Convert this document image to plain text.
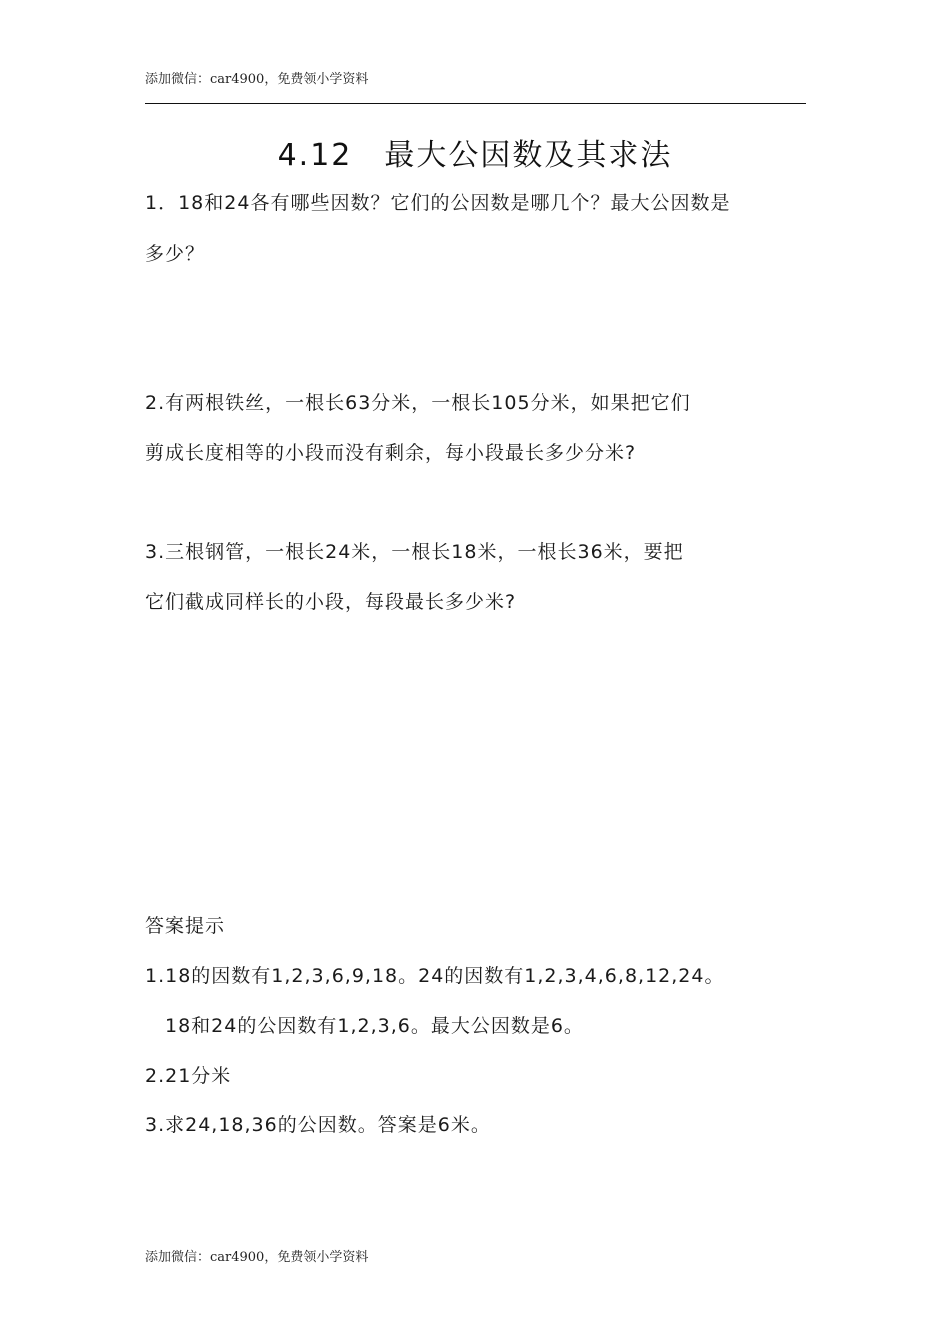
添加微信：car4900，免费领小学资料
4.12　最大公因数及其求法
1．18和24各有哪些因数？它们的公因数是哪几个？最大公因数是
多少？
2.有两根铁丝，一根长63分米，一根长105分米，如果把它们
剪成长度相等的小段而没有剩余，每小段最长多少分米?
3.三根钢管，一根长24米，一根长18米，一根长36米，要把
它们截成同样长的小段，每段最长多少米?
答案提示
1.18的因数有1,2,3,6,9,18。24的因数有1,2,3,4,6,8,12,24。
18和24的公因数有1,2,3,6。最大公因数是6。
2.21分米
3.求24,18,36的公因数。答案是6米。
添加微信：car4900，免费领小学资料
